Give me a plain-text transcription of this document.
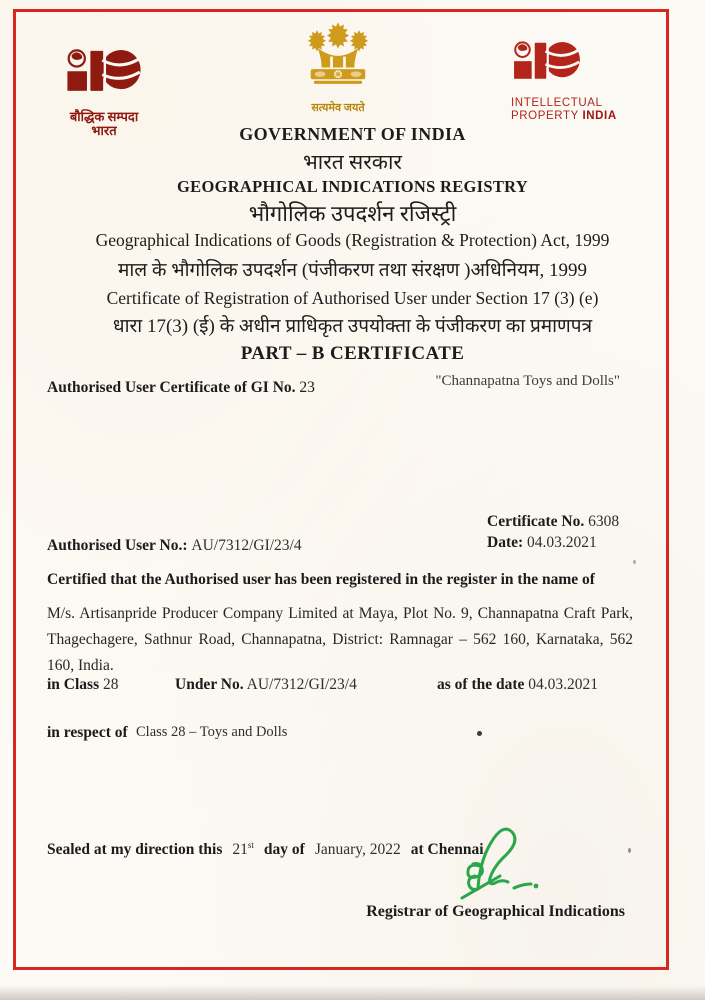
बौद्धिक सम्पदा
भारत
सत्यमेव जयते	INTELLECTUAL
PROPERTY INDIA
GOVERNMENT OF INDIA
भारत सरकार
GEOGRAPHICAL INDICATIONS REGISTRY
भौगोलिक उपदर्शन रजिस्ट्री
Geographical Indications of Goods (Registration & Protection) Act, 1999
माल के भौगोलिक उपदर्शन (पंजीकरण तथा संरक्षण )अधिनियम, 1999
Certificate of Registration of Authorised User under Section 17 (3) (e)
धारा 17(3) (ई) के अधीन प्राधिकृत उपयोक्ता के पंजीकरण का प्रमाणपत्र
PART – B CERTIFICATE
Authorised User Certificate of GI No. 23	"Channapatna Toys and Dolls"
Certificate No. 6308
Date: 04.03.2021
Authorised User No.: AU/7312/GI/23/4
Certified that the Authorised user has been registered in the register in the name of
M/s. Artisanpride Producer Company Limited at Maya, Plot No. 9, Channapatna Craft Park, Thagechagere, Sathnur Road, Channapatna, District: Ramnagar – 562 160, Karnataka, 562 160, India.
in Class 28	Under No. AU/7312/GI/23/4	as of the date 04.03.2021
in respect of Class 28 – Toys and Dolls
Sealed at my direction this 21st day of January, 2022 at Chennai.
Registrar of Geographical Indications
